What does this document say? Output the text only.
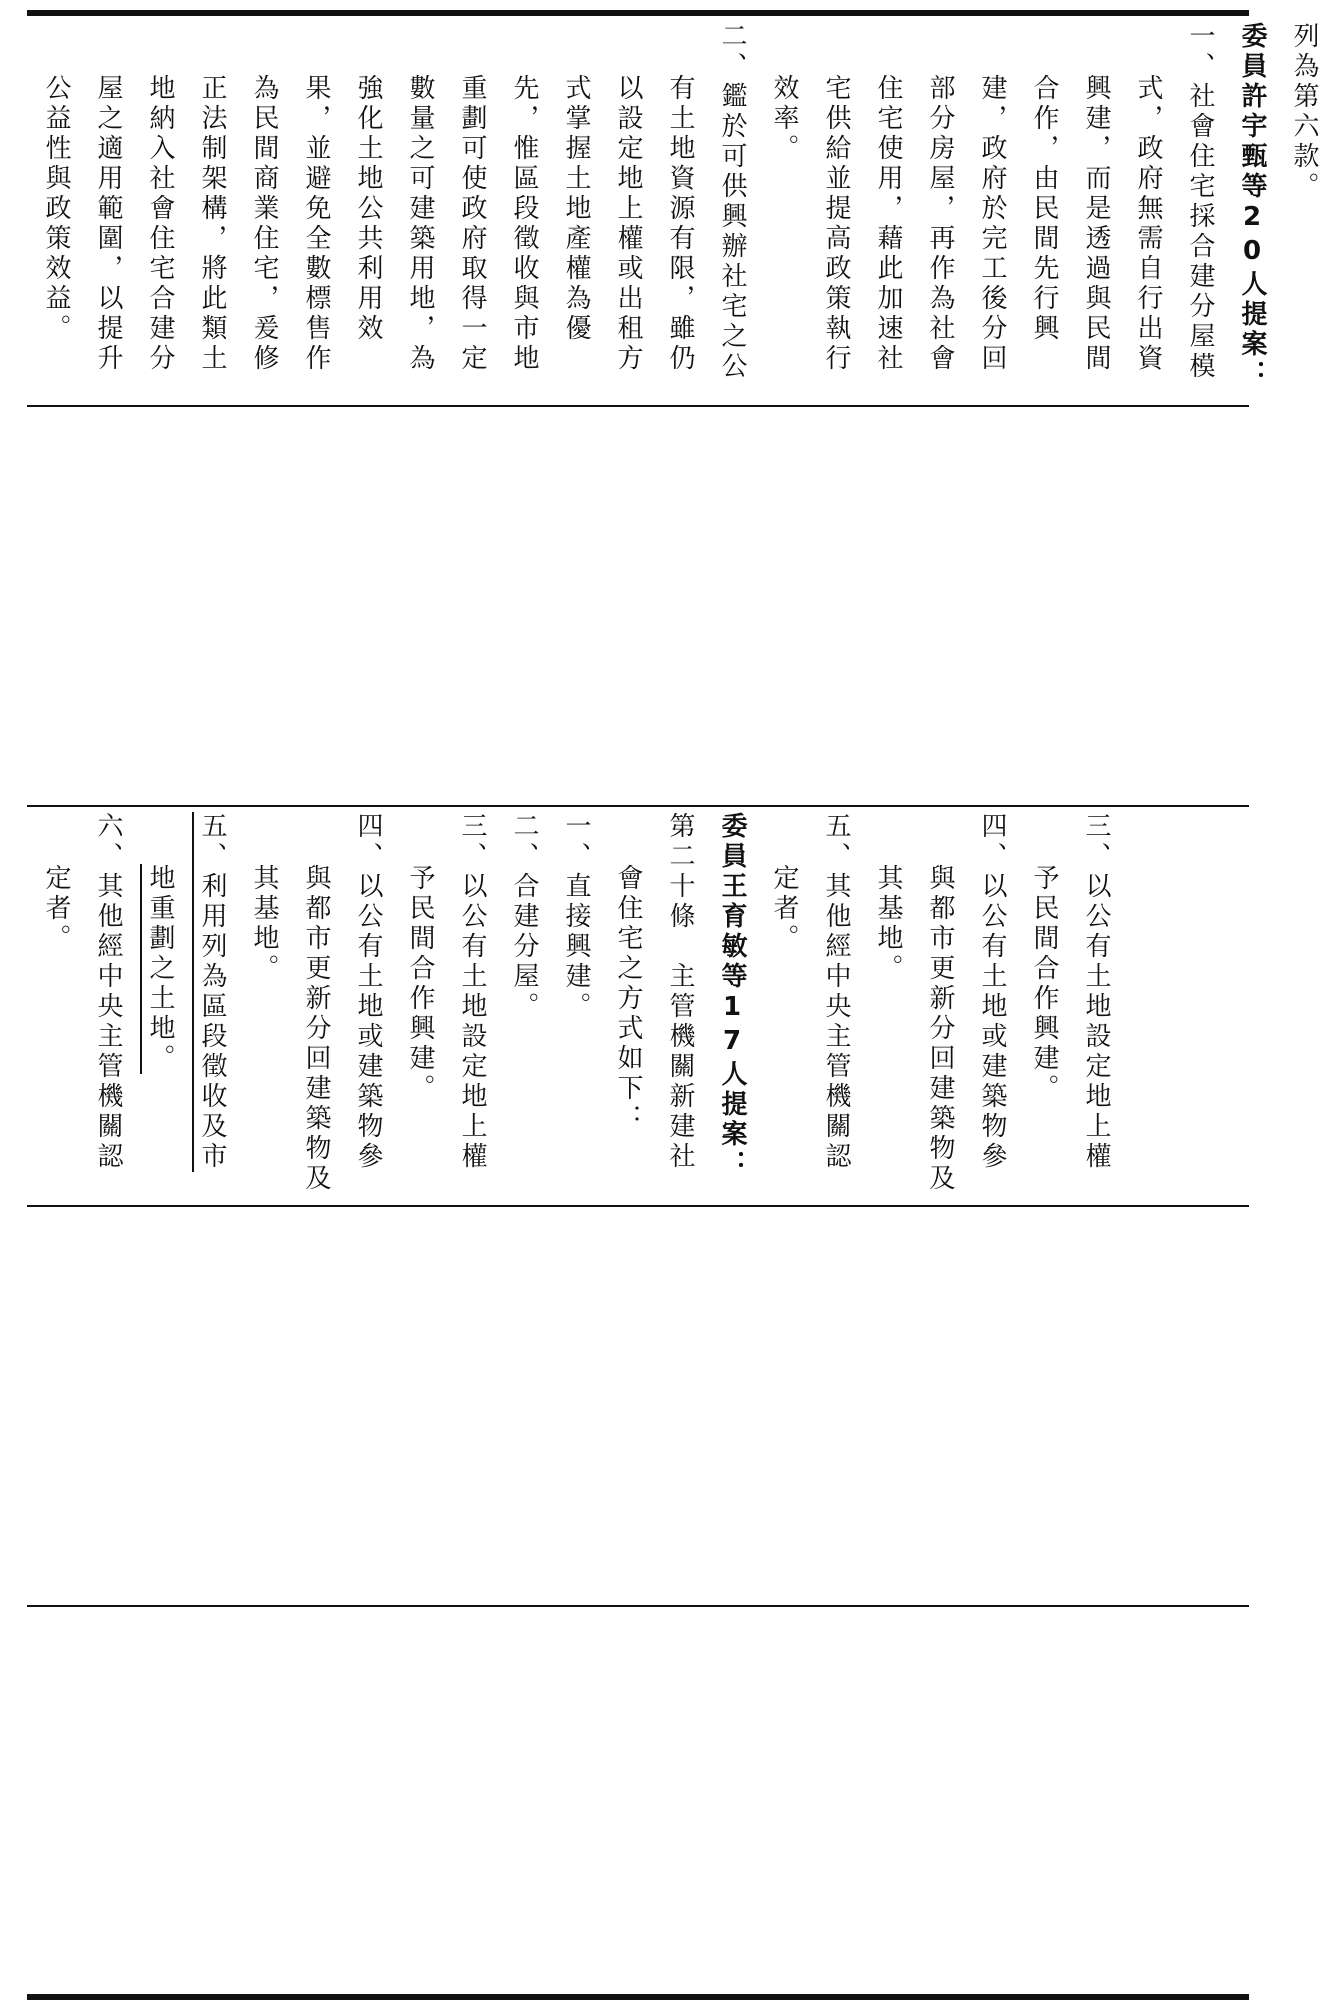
列為第六款。

委員許宇甄等20人提案：

一、社會住宅採合建分屋模式，政府無需自行出資興建，而是透過與民間合作，由民間先行興建，政府於完工後分回部分房屋，再作為社會住宅使用，藉此加速社宅供給並提高政策執行效率。

二、鑑於可供興辦社宅之公有土地資源有限，雖仍以設定地上權或出租方式掌握土地產權為優先，惟區段徵收與市地重劃可使政府取得一定數量之可建築用地，為強化土地公共利用效果，並避免全數標售作為民間商業住宅，爰修正法制架構，將此類土地納入社會住宅合建分屋之適用範圍，以提升公益性與政策效益。

三、以公有土地設定地上權予民間合作興建。

四、以公有土地或建築物參與都市更新分回建築物及其基地。

五、其他經中央主管機關認定者。

委員王育敏等17人提案：

第二十條　主管機關新建社會住宅之方式如下：

一、直接興建。

二、合建分屋。

三、以公有土地設定地上權予民間合作興建。

四、以公有土地或建築物參與都市更新分回建築物及其基地。

五、利用列為區段徵收及市地重劃之土地。

六、其他經中央主管機關認定者。
